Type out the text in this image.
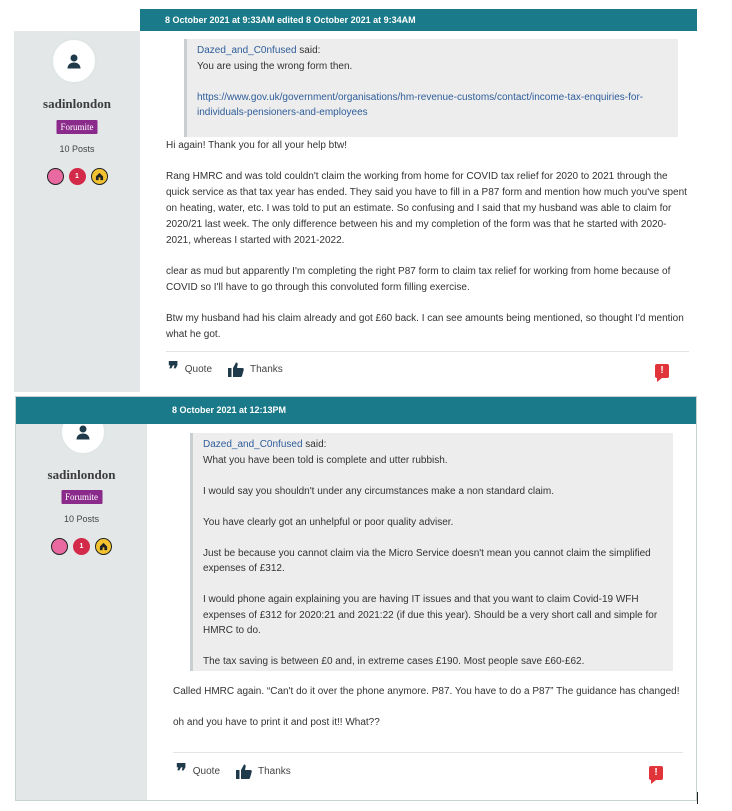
sadinlondon
Forumite
10 Posts
1
8 October 2021 at 9:33AM edited 8 October 2021 at 9:34AM
Dazed_and_C0nfused said:

You are using the wrong form then.

https://www.gov.uk/government/organisations/hm-revenue-customs/contact/income-tax-enquiries-for-individuals-pensioners-and-employees

Hi again! Thank you for all your help btw!

Rang HMRC and was told couldn't claim the working from home for COVID tax relief for 2020 to 2021 through the quick service as that tax year has ended. They said you have to fill in a P87 form and mention how much you've spent on heating, water, etc. I was told to put an estimate. So confusing and I said that my husband was able to claim for 2020/21 last week. The only difference between his and my completion of the form was that he started with 2020-2021, whereas I started with 2021-2022.

clear as mud but apparently I'm completing the right P87 form to claim tax relief for working from home because of COVID so I'll have to go through this convoluted form filling exercise.

Btw my husband had his claim already and got £60 back. I can see amounts being mentioned, so thought I'd mention what he got.

❞ Quote	Thanks	!
sadinlondon
Forumite
10 Posts
1
8 October 2021 at 12:13PM
Dazed_and_C0nfused said:

What you have been told is complete and utter rubbish.

I would say you shouldn't under any circumstances make a non standard claim.

You have clearly got an unhelpful or poor quality adviser.

Just be because you cannot claim via the Micro Service doesn't mean you cannot claim the simplified expenses of £312.

I would phone again explaining you are having IT issues and that you want to claim Covid-19 WFH expenses of £312 for 2020:21 and 2021:22 (if due this year). Should be a very short call and simple for HMRC to do.

The tax saving is between £0 and, in extreme cases £190. Most people save £60-£62.

Called HMRC again. “Can't do it over the phone anymore. P87. You have to do a P87” The guidance has changed!

oh and you have to print it and post it!! What??

❞ Quote	Thanks	!
